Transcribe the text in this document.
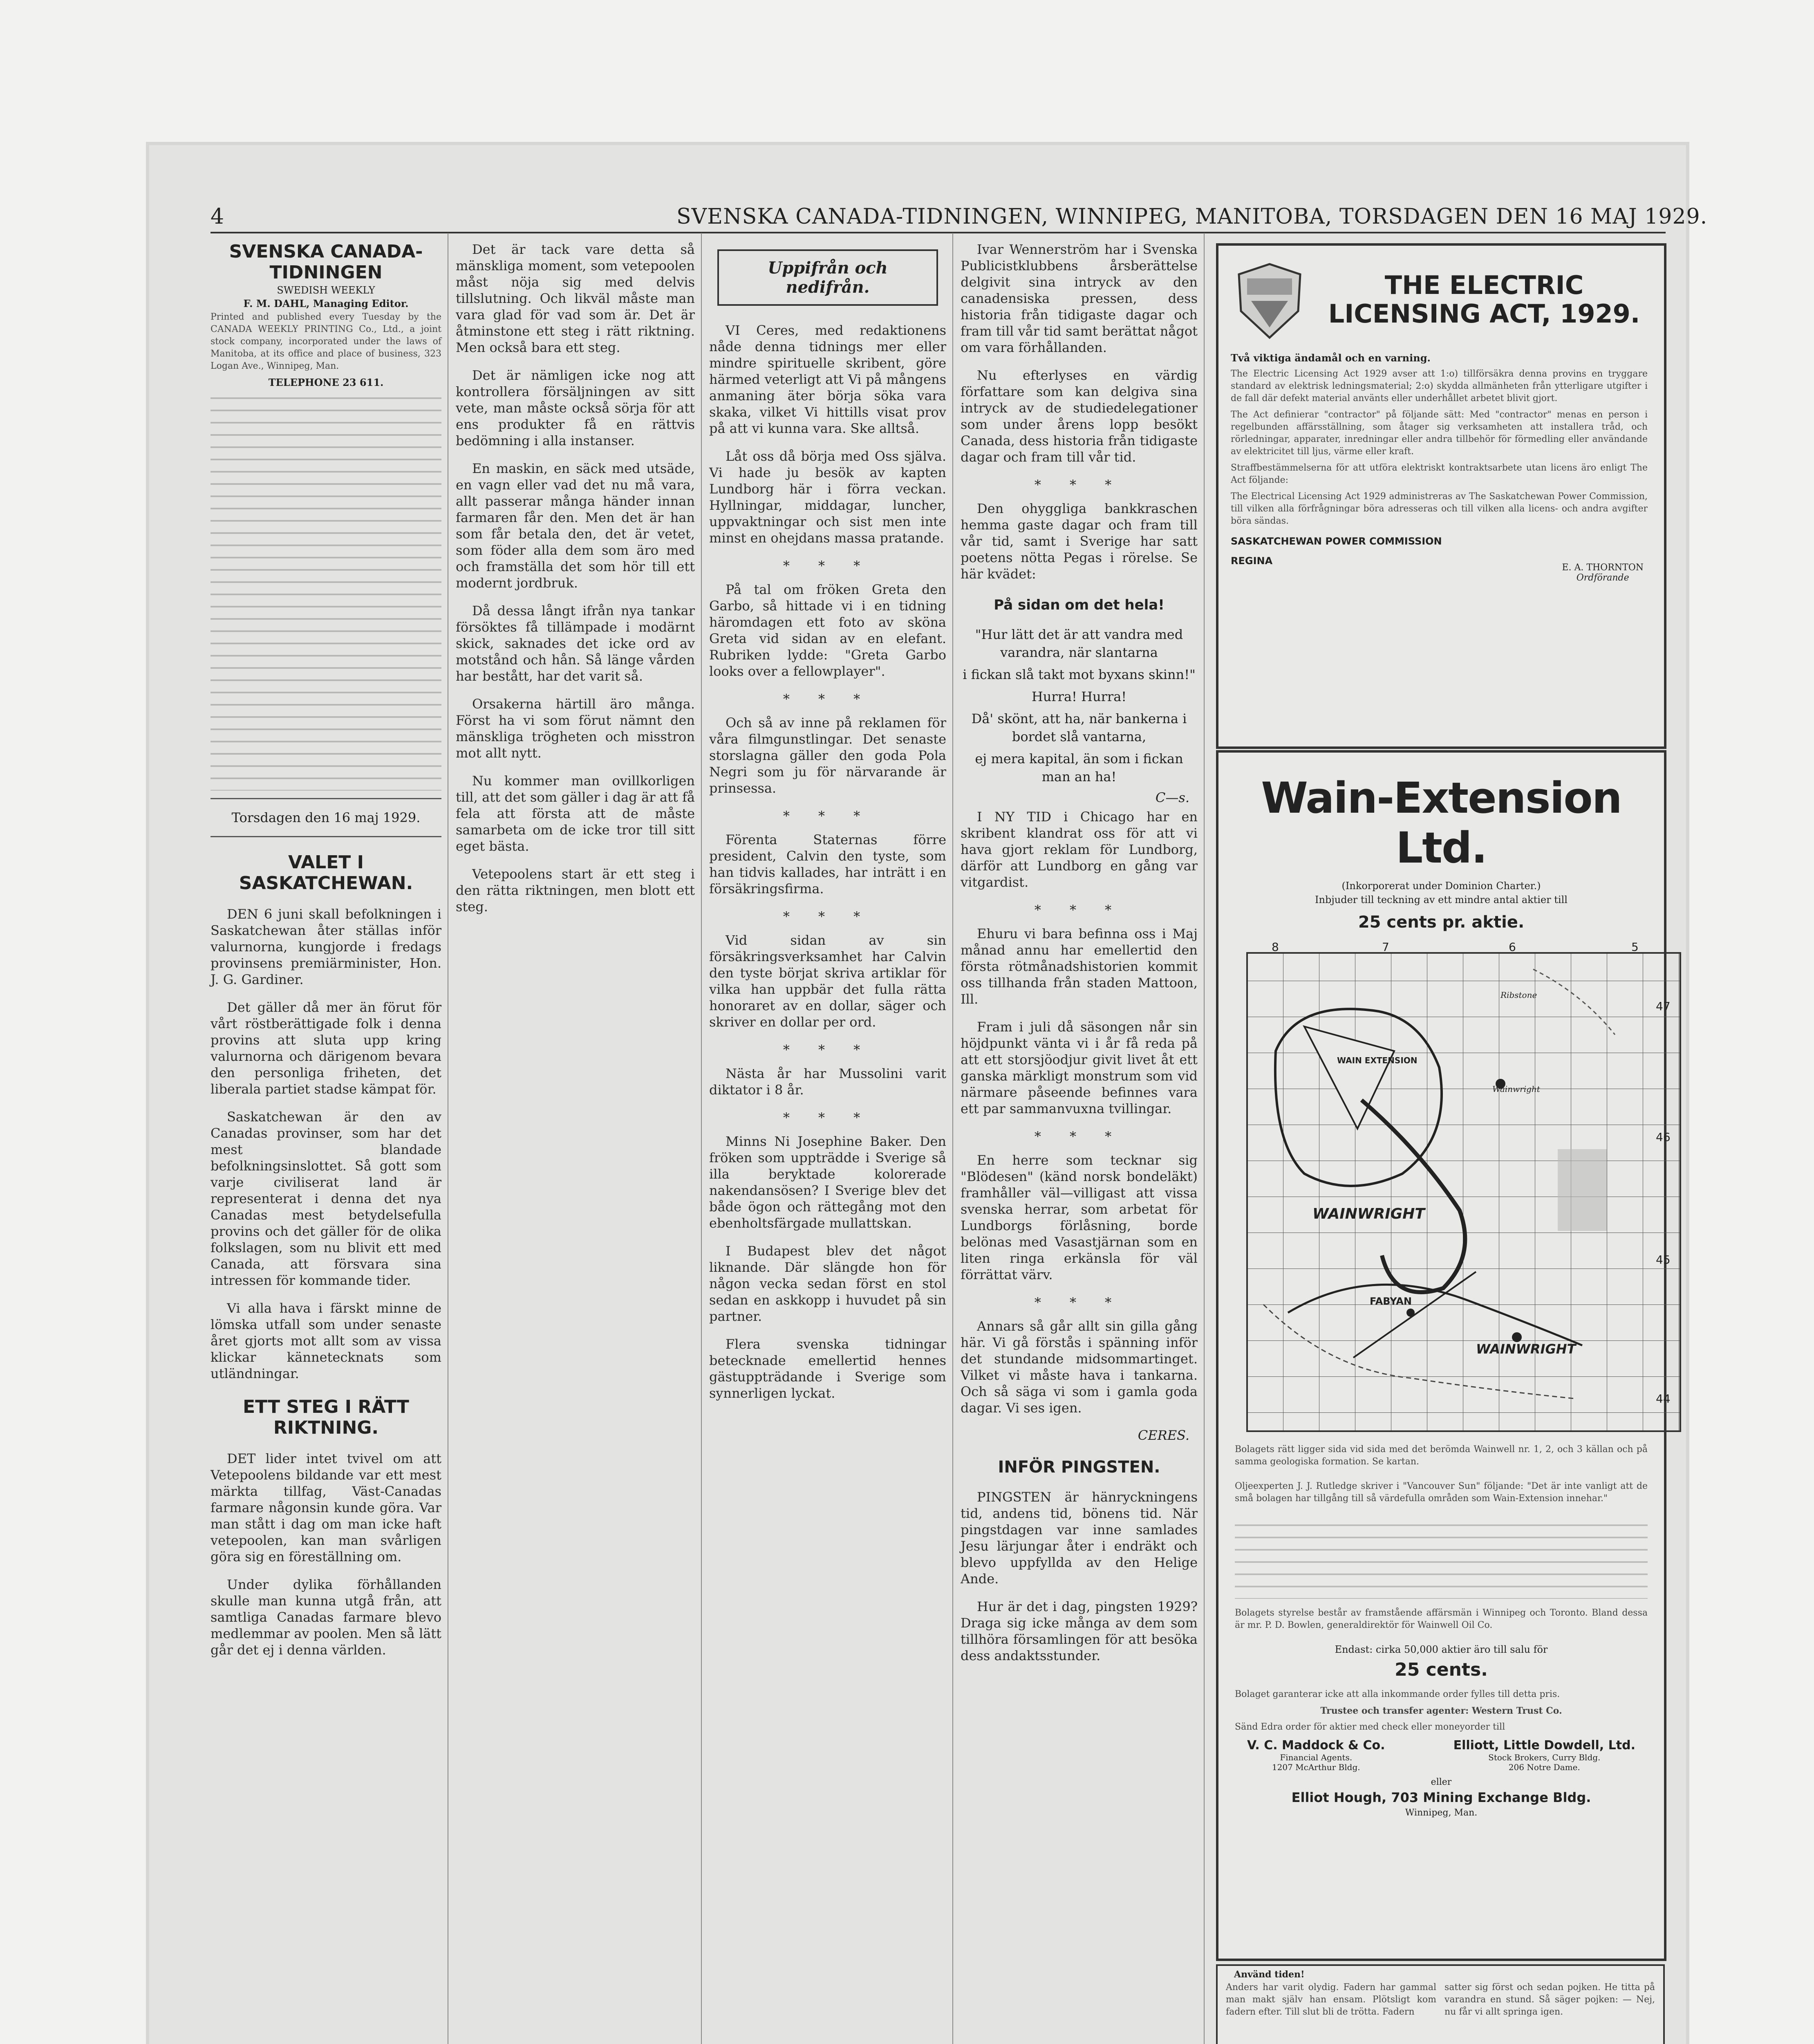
4	SVENSKA CANADA-TIDNINGEN, WINNIPEG, MANITOBA, TORSDAGEN DEN 16 MAJ 1929.

SVENSKA CANADA-TIDNINGEN

SWEDISH WEEKLY

F. M. DAHL, Managing Editor.

Printed and published every Tuesday by the CANADA WEEKLY PRINTING Co., Ltd., a joint stock company, incorporated under the laws of Manitoba, at its office and place of business, 323 Logan Ave., Winnipeg, Man.

TELEPHONE 23 611.

Torsdagen den 16 maj 1929.

VALET I SASKATCHEWAN.

DEN 6 juni skall befolkningen i Saskatchewan åter ställas inför valurnorna, kungjorde i fredags provinsens premiärminister, Hon. J. G. Gardiner.

Det gäller då mer än förut för vårt röstberättigade folk i denna provins att sluta upp kring valurnorna och därigenom bevara den personliga friheten, det liberala partiet stadse kämpat för.

Saskatchewan är den av Canadas provinser, som har det mest blandade befolkningsinslottet. Så gott som varje civiliserat land är representerat i denna det nya Canadas mest betydelsefulla provins och det gäller för de olika folkslagen, som nu blivit ett med Canada, att försvara sina intressen för kommande tider.

Vi alla hava i färskt minne de lömska utfall som under senaste året gjorts mot allt som av vissa klickar kännetecknats som utländningar.

ETT STEG I RÄTT RIKTNING.

DET lider intet tvivel om att Vetepoolens bildande var ett mest märkta tillfag, Väst-Canadas farmare någonsin kunde göra. Var man stått i dag om man icke haft vetepoolen, kan man svårligen göra sig en föreställning om.

Under dylika förhållanden skulle man kunna utgå från, att samtliga Canadas farmare blevo medlemmar av poolen. Men så lätt går det ej i denna världen.

Det är tack vare detta så mänskliga moment, som vetepoolen måst nöja sig med delvis tillslutning. Och likväl måste man vara glad för vad som är. Det är åtminstone ett steg i rätt riktning. Men också bara ett steg.

Det är nämligen icke nog att kontrollera försäljningen av sitt vete, man måste också sörja för att ens produkter få en rättvis bedömning i alla instanser.

En maskin, en säck med utsäde, en vagn eller vad det nu må vara, allt passerar många händer innan farmaren får den. Men det är han som får betala den, det är vetet, som föder alla dem som äro med och framställa det som hör till ett modernt jordbruk.

Då dessa långt ifrån nya tankar försöktes få tillämpade i modärnt skick, saknades det icke ord av motstånd och hån. Så länge vården har bestått, har det varit så.

Orsakerna härtill äro många. Först ha vi som förut nämnt den mänskliga trögheten och misstron mot allt nytt.

Nu kommer man ovillkorligen till, att det som gäller i dag är att få fela att första att de måste samarbeta om de icke tror till sitt eget bästa.

Vetepoolens start är ett steg i den rätta riktningen, men blott ett steg.

Uppifrån och nedifrån.

VI Ceres, med redaktionens nåde denna tidnings mer eller mindre spirituelle skribent, göre härmed veterligt att Vi på mångens anmaning äter börja söka vara skaka, vilket Vi hittills visat prov på att vi kunna vara. Ske alltså.

Låt oss då börja med Oss själva. Vi hade ju besök av kapten Lundborg här i förra veckan. Hyllningar, middagar, luncher, uppvaktningar och sist men inte minst en ohejdans massa pratande.

* * *

På tal om fröken Greta den Garbo, så hittade vi i en tidning häromdagen ett foto av sköna Greta vid sidan av en elefant. Rubriken lydde: "Greta Garbo looks over a fellowplayer".

* * *

Och så av inne på reklamen för våra filmgunstlingar. Det senaste storslagna gäller den goda Pola Negri som ju för närvarande är prinsessa.

* * *

Förenta Staternas förre president, Calvin den tyste, som han tidvis kallades, har inträtt i en försäkringsfirma.

* * *

Vid sidan av sin försäkringsverksamhet har Calvin den tyste börjat skriva artiklar för vilka han uppbär det fulla rätta honoraret av en dollar, säger och skriver en dollar per ord.

* * *

Nästa år har Mussolini varit diktator i 8 år.

* * *

Minns Ni Josephine Baker. Den fröken som uppträdde i Sverige så illa beryktade kolorerade nakendansösen? I Sverige blev det både ögon och rättegång mot den ebenholtsfärgade mullattskan.

I Budapest blev det något liknande. Där slängde hon för någon vecka sedan först en stol sedan en askkopp i huvudet på sin partner.

Flera svenska tidningar betecknade emellertid hennes gästuppträdande i Sverige som synnerligen lyckat.

Ivar Wennerström har i Svenska Publicistklubbens årsberättelse delgivit sina intryck av den canadensiska pressen, dess historia från tidigaste dagar och fram till vår tid samt berättat något om vara förhållanden.

Nu efterlyses en värdig författare som kan delgiva sina intryck av de studiedelegationer som under årens lopp besökt Canada, dess historia från tidigaste dagar och fram till vår tid.

* * *

Den ohyggliga bankkraschen hemma gaste dagar och fram till vår tid, samt i Sverige har satt poetens nötta Pegas i rörelse. Se här kvädet:

På sidan om det hela!

"Hur lätt det är att vandra med varandra, när slantarna

i fickan slå takt mot byxans skinn!"

Hurra! Hurra!

Då' skönt, att ha, när bankerna i bordet slå vantarna,

ej mera kapital, än som i fickan man an ha!

C—s.

I NY TID i Chicago har en skribent klandrat oss för att vi hava gjort reklam för Lundborg, därför att Lundborg en gång var vitgardist.

* * *

Ehuru vi bara befinna oss i Maj månad annu har emellertid den första rötmånadshistorien kommit oss tillhanda från staden Mattoon, Ill.

Fram i juli då säsongen når sin höjdpunkt vänta vi i år få reda på att ett storsjöodjur givit livet åt ett ganska märkligt monstrum som vid närmare påseende befinnes vara ett par sammanvuxna tvillingar.

* * *

En herre som tecknar sig "Blödesen" (känd norsk bondeläkt) framhåller väl—villigast att vissa svenska herrar, som arbetat för Lundborgs förlåsning, borde belönas med Vasastjärnan som en liten ringa erkänsla för väl förrättat värv.

* * *

Annars så går allt sin gilla gång här. Vi gå förstås i spänning inför det stundande midsommartinget. Vilket vi måste hava i tankarna. Och så säga vi som i gamla goda dagar. Vi ses igen.

CERES.

INFÖR PINGSTEN.

PINGSTEN är hänryckningens tid, andens tid, bönens tid. När pingstdagen var inne samlades Jesu lärjungar åter i endräkt och blevo uppfyllda av den Helige Ande.

Hur är det i dag, pingsten 1929? Draga sig icke många av dem som tillhöra församlingen för att besöka dess andaktsstunder.

THE ELECTRIC
LICENSING ACT, 1929.

Två viktiga ändamål och en varning.

The Electric Licensing Act 1929 avser att 1:o) tillförsäkra denna provins en tryggare standard av elektrisk ledningsmaterial; 2:o) skydda allmänheten från ytterligare utgifter i de fall där defekt material använts eller underhållet arbetet blivit gjort.

The Act definierar "contractor" på följande sätt: Med "contractor" menas en person i regelbunden affärsställning, som åtager sig verksamheten att installera tråd, och rörledningar, apparater, inredningar eller andra tillbehör för förmedling eller användande av elektricitet till ljus, värme eller kraft.

Straffbestämmelserna för att utföra elektriskt kontraktsarbete utan licens äro enligt The Act följande:

The Electrical Licensing Act 1929 administreras av The Saskatchewan Power Commission, till vilken alla förfrågningar böra adresseras och till vilken alla licens- och andra avgifter böra sändas.

SASKATCHEWAN POWER COMMISSION
REGINA
E. A. THORNTON
Ordförande
Wain-Extension Ltd.

(Inkorporerat under Dominion Charter.)

Inbjuder till teckning av ett mindre antal aktier till

25 cents pr. aktie.

8	7	6	5
47
46
45
44
WAIN EXTENSION
WAINWRIGHT
FABYAN
WAINWRIGHT
Ribstone
Wainwright

Bolagets rätt ligger sida vid sida med det berömda Wainwell nr. 1, 2, och 3 källan och på samma geologiska formation. Se kartan.

Oljeexperten J. J. Rutledge skriver i "Vancouver Sun" följande: "Det är inte vanligt att de små bolagen har tillgång till så värdefulla områden som Wain-Extension innehar."

Bolagets styrelse består av framstående affärsmän i Winnipeg och Toronto. Bland dessa är mr. P. D. Bowlen, generaldirektör för Wainwell Oil Co.

Endast: cirka 50,000 aktier äro till salu för

25 cents.

Bolaget garanterar icke att alla inkommande order fylles till detta pris.

Trustee och transfer agenter: Western Trust Co.

Sänd Edra order för aktier med check eller moneyorder till

V. C. Maddock & Co.
Financial Agents.
1207 McArthur Bldg.
Elliott, Little Dowdell, Ltd.
Stock Brokers, Curry Bldg.
206 Notre Dame.

eller

Elliot Hough, 703 Mining Exchange Bldg.

Winnipeg, Man.

Använd tiden!

Anders har varit olydig. Fadern har gammal man makt själv han ensam. Plötsligt kom fadern efter. Till slut bli de trötta. Fadern

satter sig först och sedan pojken. He titta på varandra en stund. Så säger pojken: — Nej, nu får vi allt springa igen.
